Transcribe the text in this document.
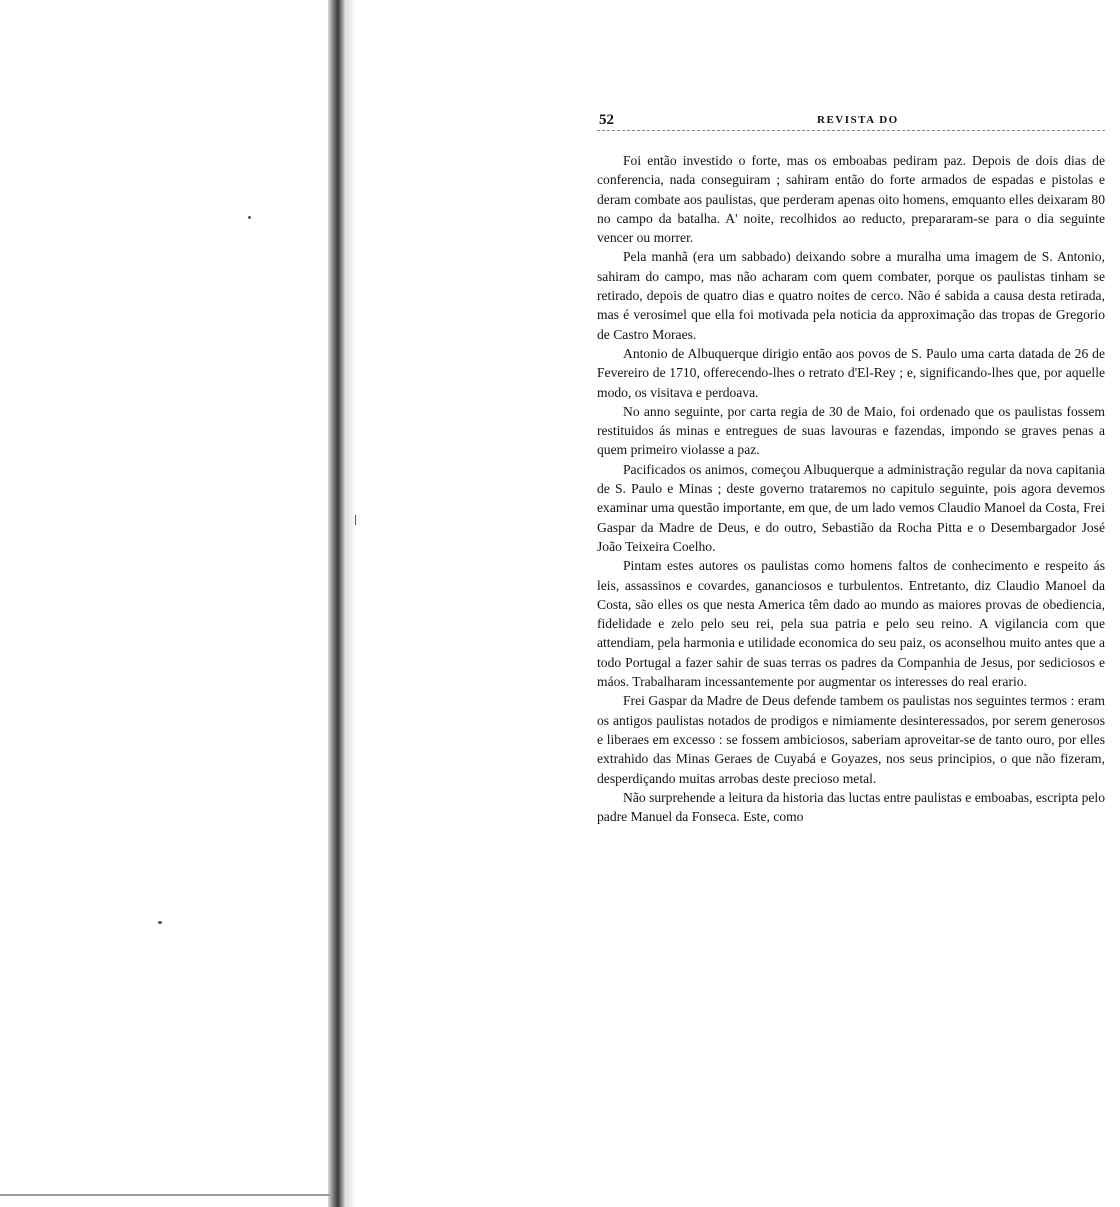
52	REVISTA DO

Foi então investido o forte, mas os emboabas pediram paz. Depois de dois dias de conferencia, nada conseguiram ; sahiram então do forte armados de espadas e pistolas e deram combate aos paulistas, que perderam apenas oito homens, emquanto elles deixaram 80 no campo da batalha. A' noite, recolhidos ao reducto, prepararam-se para o dia seguinte vencer ou morrer.

Pela manhã (era um sabbado) deixando sobre a muralha uma imagem de S. Antonio, sahiram do campo, mas não acharam com quem combater, porque os paulistas tinham se retirado, depois de quatro dias e quatro noites de cerco. Não é sabida a causa desta retirada, mas é verosimel que ella foi motivada pela noticia da approximação das tropas de Gregorio de Castro Moraes.

Antonio de Albuquerque dirigio então aos povos de S. Paulo uma carta datada de 26 de Fevereiro de 1710, offerecendo-lhes o retrato d'El-Rey ; e, significando-lhes que, por aquelle modo, os visitava e perdoava.

No anno seguinte, por carta regia de 30 de Maio, foi ordenado que os paulistas fossem restituidos ás minas e entregues de suas lavouras e fazendas, impondo se graves penas a quem primeiro violasse a paz.

Pacificados os animos, começou Albuquerque a administração regular da nova capitania de S. Paulo e Minas ; deste governo trataremos no capitulo seguinte, pois agora devemos examinar uma questão importante, em que, de um lado vemos Claudio Manoel da Costa, Frei Gaspar da Madre de Deus, e do outro, Sebastião da Rocha Pitta e o Desembargador José João Teixeira Coelho.

Pintam estes autores os paulistas como homens faltos de conhecimento e respeito ás leis, assassinos e covardes, gananciosos e turbulentos. Entretanto, diz Claudio Manoel da Costa, são elles os que nesta America têm dado ao mundo as maiores provas de obediencia, fidelidade e zelo pelo seu rei, pela sua patria e pelo seu reino. A vigilancia com que attendiam, pela harmonia e utilidade economica do seu paiz, os aconselhou muito antes que a todo Portugal a fazer sahir de suas terras os padres da Companhia de Jesus, por sediciosos e máos. Trabalharam incessantemente por augmentar os interesses do real erario.

Frei Gaspar da Madre de Deus defende tambem os paulistas nos seguintes termos : eram os antigos paulistas notados de prodigos e nimiamente desinteressados, por serem generosos e liberaes em excesso : se fossem ambiciosos, saberiam aproveitar-se de tanto ouro, por elles extrahido das Minas Geraes de Cuyabá e Goyazes, nos seus principios, o que não fizeram, desperdiçando muitas arrobas deste precioso metal.

Não surprehende a leitura da historia das luctas entre paulistas e emboabas, escripta pelo padre Manuel da Fonseca. Este, como
